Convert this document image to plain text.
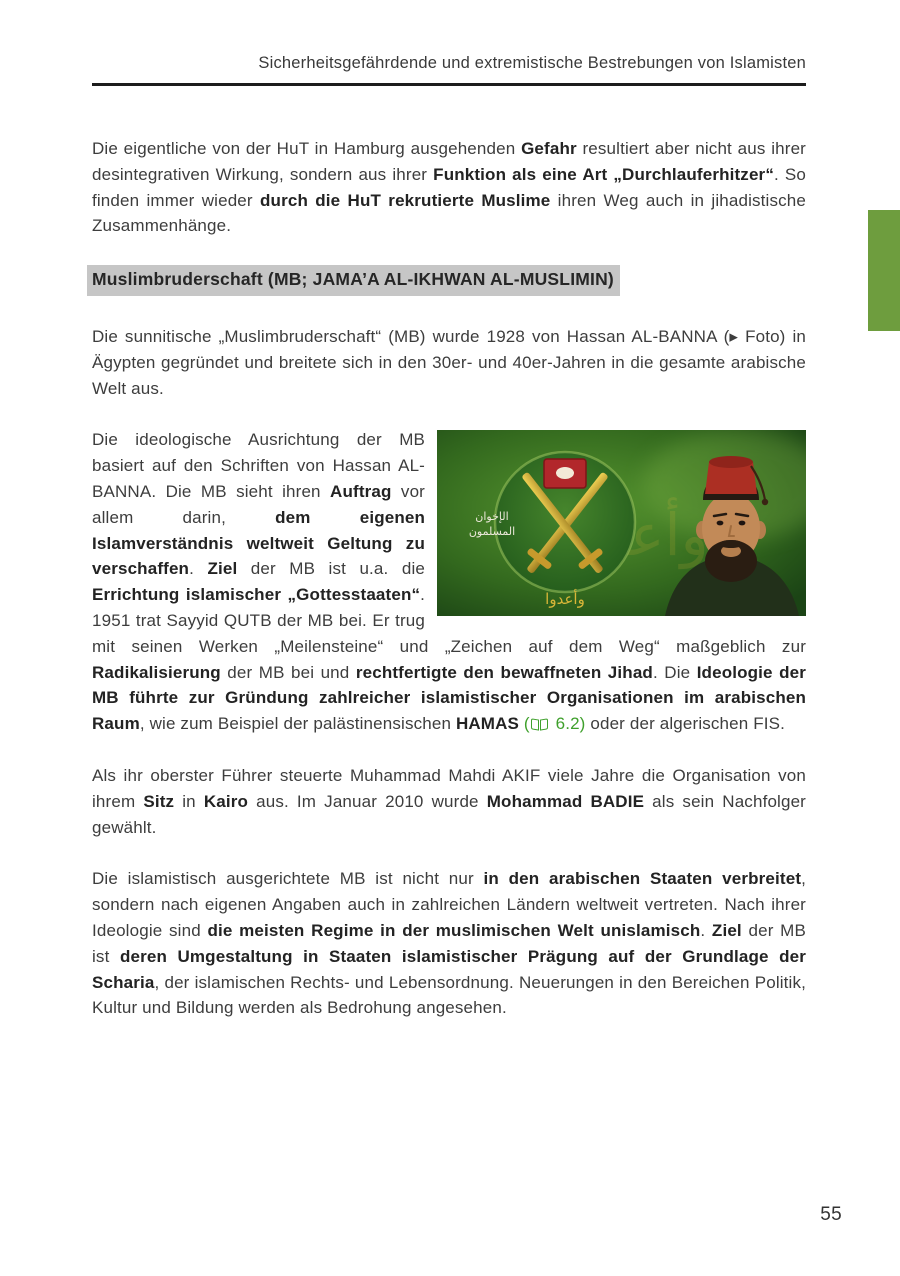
Sicherheitsgefährdende und extremistische Bestrebungen von Islamisten

Die eigentliche von der HuT in Hamburg ausgehenden Gefahr resultiert aber nicht aus ihrer desintegrativen Wirkung, sondern aus ihrer Funktion als eine Art „Durchlauferhitzer“. So finden immer wieder durch die HuT rekrutierte Muslime ihren Weg auch in jihadistische Zusammenhänge.

Muslimbruderschaft (MB; JAMA’A AL-IKHWAN AL-MUSLIMIN)

Die sunnitische „Muslimbruderschaft“ (MB) wurde 1928 von Hassan AL-BANNA (▸ Foto) in Ägypten gegründet und breitete sich in den 30er- und 40er-Jahren in die gesamte arabische Welt aus.

الإخوان
المسلمون
وأعدوا
Die ideologische Ausrichtung der MB basiert auf den Schriften von Hassan AL-BANNA. Die MB sieht ihren Auftrag vor allem darin, dem eigenen Islamverständnis weltweit Geltung zu verschaffen. Ziel der MB ist u.a. die Errichtung islamischer „Gottesstaaten“. 1951 trat Sayyid QUTB der MB bei. Er trug mit seinen Werken „Meilensteine“ und „Zeichen auf dem Weg“ maßgeblich zur Radikalisierung der MB bei und rechtfertigte den bewaffneten Jihad. Die Ideologie der MB führte zur Gründung zahlreicher islamistischer Organisationen im arabischen Raum, wie zum Beispiel der palästinensischen HAMAS ( 6.2) oder der algerischen FIS.

Als ihr oberster Führer steuerte Muhammad Mahdi AKIF viele Jahre die Organisation von ihrem Sitz in Kairo aus. Im Januar 2010 wurde Mohammad BADIE als sein Nachfolger gewählt.

Die islamistisch ausgerichtete MB ist nicht nur in den arabischen Staaten verbreitet, sondern nach eigenen Angaben auch in zahlreichen Ländern weltweit vertreten. Nach ihrer Ideologie sind die meisten Regime in der muslimischen Welt unislamisch. Ziel der MB ist deren Umgestaltung in Staaten islamistischer Prägung auf der Grundlage der Scharia, der islamischen Rechts- und Lebensordnung. Neuerungen in den Bereichen Politik, Kultur und Bildung werden als Bedrohung angesehen.

55
